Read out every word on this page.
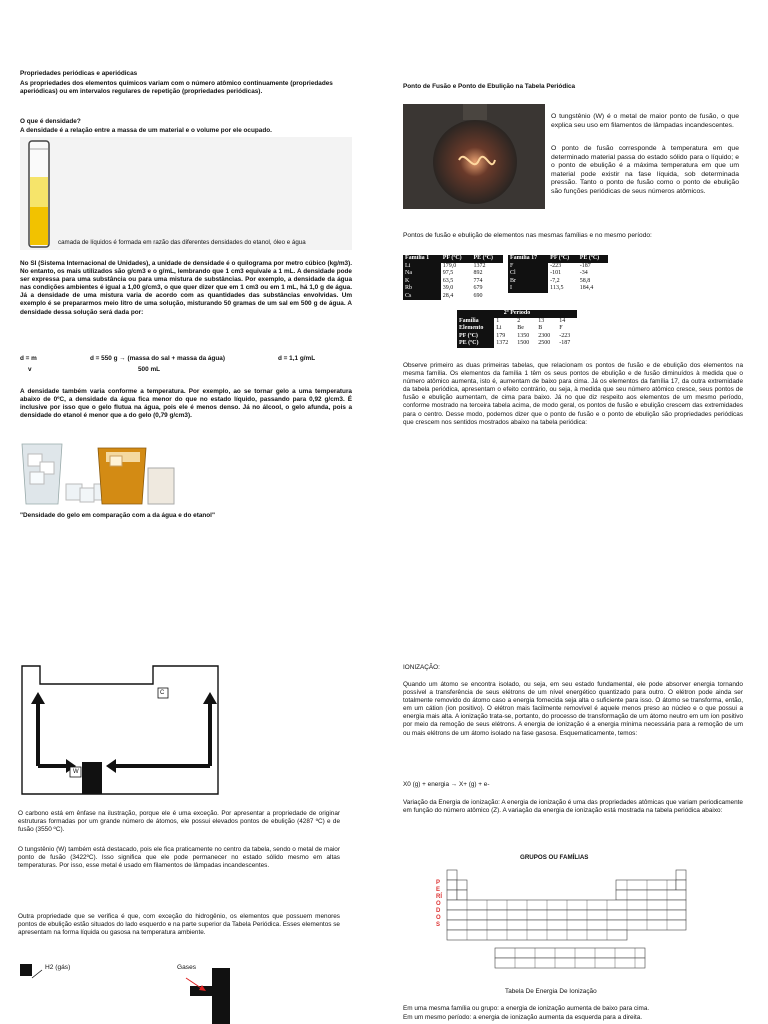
Propriedades periódicas e aperiódicas

As propriedades dos elementos químicos variam com o número atômico continuamente (propriedades aperiódicas) ou em intervalos regulares de repetição (propriedades periódicas).

O que é densidade?

A densidade é a relação entre a massa de um material e o volume por ele ocupado.

camada de líquidos é formada em razão das diferentes densidades do etanol, óleo e água

No SI (Sistema Internacional de Unidades), a unidade de densidade é o quilograma por metro cúbico (kg/m3). No entanto, os mais utilizados são g/cm3 e o g/mL, lembrando que 1 cm3 equivale a 1 mL. A densidade pode ser expressa para uma substância ou para uma mistura de substâncias. Por exemplo, a densidade da água nas condições ambientes é igual a 1,00 g/cm3, o que quer dizer que em 1 cm3 ou em 1 mL, há 1,0 g de água. Já a densidade de uma mistura varia de acordo com as quantidades das substâncias envolvidas. Um exemplo é se prepararmos meio litro de uma solução, misturando 50 gramas de um sal em 500 g de água. A densidade dessa solução será dada por:

d = m	d = 550 g → (massa do sal + massa da água)	d = 1,1 g/mL
v	500 mL

A densidade também varia conforme a temperatura. Por exemplo, ao se tornar gelo a uma temperatura abaixo de 0ºC, a densidade da água fica menor do que no estado líquido, passando para 0,92 g/cm3. É inclusive por isso que o gelo flutua na água, pois ele é menos denso. Já no álcool, o gelo afunda, pois a densidade do etanol é menor que a do gelo (0,79 g/cm3).

"Densidade do gelo em comparação com a da água e do etanol"

Ponto de Fusão e Ponto de Ebulição na Tabela Periódica

O tungstênio (W) é o metal de maior ponto de fusão, o que explica seu uso em filamentos de lâmpadas incandescentes.

O ponto de fusão corresponde à temperatura em que determinado material passa do estado sólido para o líquido; e o ponto de ebulição é a máxima temperatura em que um material pode existir na fase líquida, sob determinada pressão. Tanto o ponto de fusão como o ponto de ebulição são funções periódicas de seus números atômicos.

Pontos de fusão e ebulição de elementos nas mesmas famílias e no mesmo período:

Família 1	PF (ºC)	PE (ºC)
Li	179,0	1372
Na	97,5	892
K	63,5	774
Rb	39,0	679
Cs	28,4	690
Família 17	PF (ºC)	PE (ºC)
F	-223	-187
Cl	-101	-34
Br	-7,2	58,8
I	113,5	184,4
2º Período				
Família	1	2	13	14
Elemento	Li	Be	B	F
PF (ºC)	179	1350	2300	-223
PE (ºC)	1372	1500	2500	-187

Observe primeiro as duas primeiras tabelas, que relacionam os pontos de fusão e de ebulição dos elementos na mesma família. Os elementos da família 1 têm os seus pontos de ebulição e de fusão diminuídos à medida que o número atômico aumenta, isto é, aumentam de baixo para cima. Já os elementos da família 17, da outra extremidade da tabela periódica, apresentam o efeito contrário, ou seja, à medida que seu número atômico cresce, seus pontos de fusão e ebulição aumentam, de cima para baixo. Já no que diz respeito aos elementos de um mesmo período, conforme mostrado na terceira tabela acima, de modo geral, os pontos de fusão e ebulição crescem das extremidades para o centro. Desse modo, podemos dizer que o ponto de fusão e o ponto de ebulição são propriedades periódicas que crescem nos sentidos mostrados abaixo na tabela periódica:

C
W

O carbono está em ênfase na ilustração, porque ele é uma exceção. Por apresentar a propriedade de originar estruturas formadas por um grande número de átomos, ele possui elevados pontos de ebulição (4287 ºC) e de fusão (3550 ºC).

O tungstênio (W) também está destacado, pois ele fica praticamente no centro da tabela, sendo o metal de maior ponto de fusão (3422ºC). Isso significa que ele pode permanecer no estado sólido mesmo em altas temperaturas. Por isso, esse metal é usado em filamentos de lâmpadas incandescentes.

Outra propriedade que se verifica é que, com exceção do hidrogênio, os elementos que possuem menores pontos de ebulição estão situados do lado esquerdo e na parte superior da Tabela Periódica. Esses elementos se apresentam na forma líquida ou gasosa na temperatura ambiente.

H2 (gás)	Gases

IONIZAÇÃO:

Quando um átomo se encontra isolado, ou seja, em seu estado fundamental, ele pode absorver energia tornando possível a transferência de seus elétrons de um nível energético quantizado para outro. O elétron pode ainda ser totalmente removido do átomo caso a energia fornecida seja alta o suficiente para isso. O átomo se transforma, então, em um cátion (íon positivo). O elétron mais facilmente removível é aquele menos preso ao núcleo e o que possui a energia mais alta. A ionização trata-se, portanto, do processo de transformação de um átomo neutro em um íon positivo por meio da remoção de seus elétrons. A energia de ionização é a energia mínima necessária para a remoção de um ou mais elétrons de um átomo isolado na fase gasosa. Esquematicamente, temos:

X0 (g) + energia → X+ (g) + e-

Variação da Energia de ionização: A energia de ionização é uma das propriedades atômicas que variam periodicamente em função do número atômico (Z). A variação da energia de ionização está mostrada na tabela periódica abaixo:

GRUPOS OU FAMÍLIAS
PERÍODOS

Tabela De Energia De Ionização

Em uma mesma família ou grupo: a energia de ionização aumenta de baixo para cima.

Em um mesmo período: a energia de ionização aumenta da esquerda para a direita.
